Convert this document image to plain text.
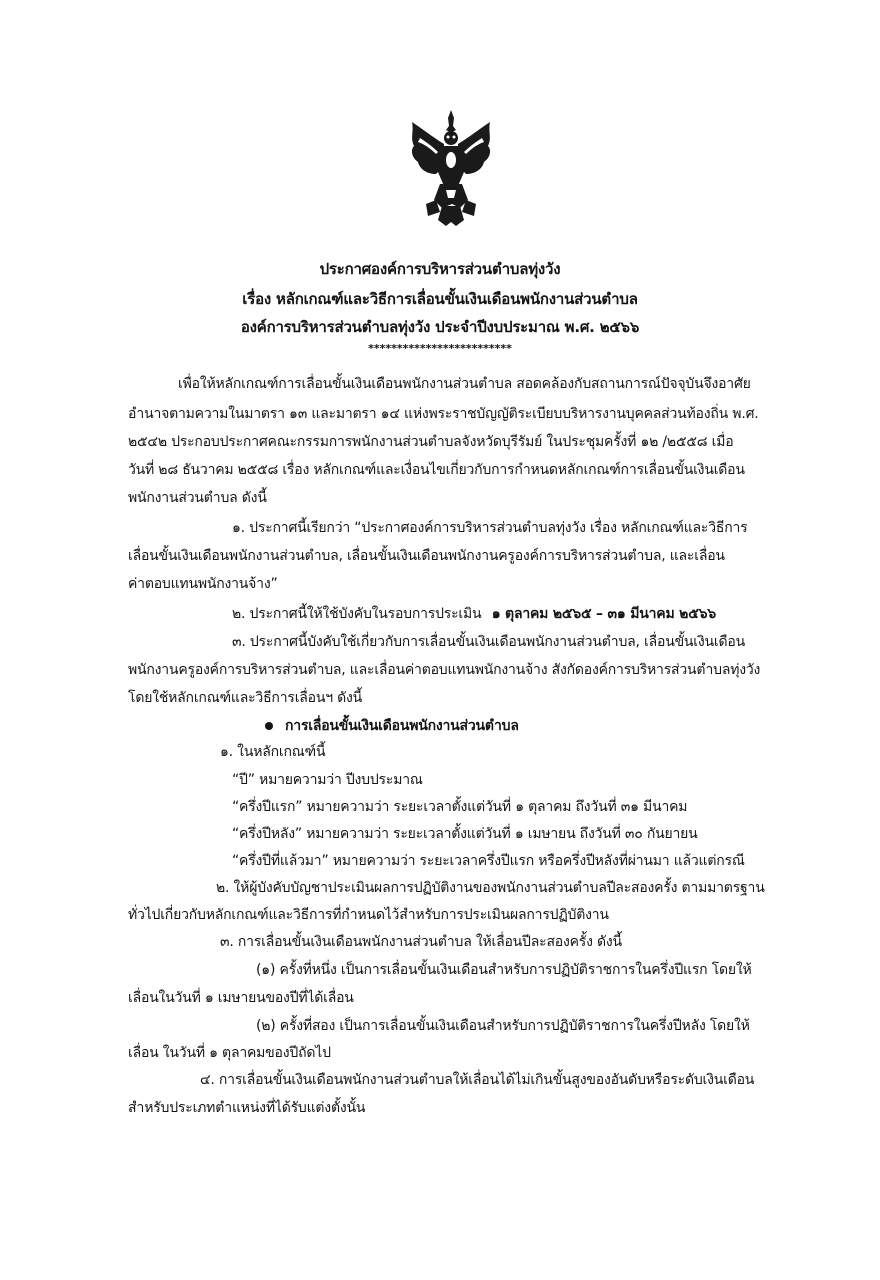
ประกาศองค์การบริหารส่วนตำบลทุ่งวัง
เรื่อง หลักเกณฑ์และวิธีการเลื่อนขั้นเงินเดือนพนักงานส่วนตำบล
องค์การบริหารส่วนตำบลทุ่งวัง ประจำปีงบประมาณ พ.ศ. ๒๕๖๖
*************************
เพื่อให้หลักเกณฑ์การเลื่อนขั้นเงินเดือนพนักงานส่วนตำบล สอดคล้องกับสถานการณ์ปัจจุบันจึงอาศัย
อำนาจตามความในมาตรา ๑๓ และมาตรา ๑๔ แห่งพระราชบัญญัติระเบียบบริหารงานบุคคลส่วนท้องถิ่น พ.ศ.
๒๕๔๒ ประกอบประกาศคณะกรรมการพนักงานส่วนตำบลจังหวัดบุรีรัมย์ ในประชุมครั้งที่ ๑๒ /๒๕๕๘ เมื่อ
วันที่ ๒๘ ธันวาคม ๒๕๕๘ เรื่อง หลักเกณฑ์และเงื่อนไขเกี่ยวกับการกำหนดหลักเกณฑ์การเลื่อนขั้นเงินเดือน
พนักงานส่วนตำบล ดังนี้
๑. ประกาศนี้เรียกว่า “ประกาศองค์การบริหารส่วนตำบลทุ่งวัง เรื่อง หลักเกณฑ์และวิธีการ
เลื่อนขั้นเงินเดือนพนักงานส่วนตำบล, เลื่อนขั้นเงินเดือนพนักงานครูองค์การบริหารส่วนตำบล, และเลื่อน
ค่าตอบแทนพนักงานจ้าง”
๒. ประกาศนี้ให้ใช้บังคับในรอบการประเมิน ๑ ตุลาคม ๒๕๖๕ – ๓๑ มีนาคม ๒๕๖๖
๓. ประกาศนี้บังคับใช้เกี่ยวกับการเลื่อนขั้นเงินเดือนพนักงานส่วนตำบล, เลื่อนขั้นเงินเดือน
พนักงานครูองค์การบริหารส่วนตำบล, และเลื่อนค่าตอบแทนพนักงานจ้าง สังกัดองค์การบริหารส่วนตำบลทุ่งวัง
โดยใช้หลักเกณฑ์และวิธีการเลื่อนฯ ดังนี้
การเลื่อนขั้นเงินเดือนพนักงานส่วนตำบล
๑. ในหลักเกณฑ์นี้
“ปี” หมายความว่า ปีงบประมาณ
“ครึ่งปีแรก” หมายความว่า ระยะเวลาตั้งแต่วันที่ ๑ ตุลาคม ถึงวันที่ ๓๑ มีนาคม
“ครึ่งปีหลัง” หมายความว่า ระยะเวลาตั้งแต่วันที่ ๑ เมษายน ถึงวันที่ ๓๐ กันยายน
“ครึ่งปีที่แล้วมา” หมายความว่า ระยะเวลาครึ่งปีแรก หรือครึ่งปีหลังที่ผ่านมา แล้วแต่กรณี
๒. ให้ผู้บังคับบัญชาประเมินผลการปฏิบัติงานของพนักงานส่วนตำบลปีละสองครั้ง ตามมาตรฐาน
ทั่วไปเกี่ยวกับหลักเกณฑ์และวิธีการที่กำหนดไว้สำหรับการประเมินผลการปฏิบัติงาน
๓. การเลื่อนขั้นเงินเดือนพนักงานส่วนตำบล ให้เลื่อนปีละสองครั้ง ดังนี้
(๑) ครั้งที่หนึ่ง เป็นการเลื่อนขั้นเงินเดือนสำหรับการปฏิบัติราชการในครึ่งปีแรก โดยให้
เลื่อนในวันที่ ๑ เมษายนของปีที่ได้เลื่อน
(๒) ครั้งที่สอง เป็นการเลื่อนขั้นเงินเดือนสำหรับการปฏิบัติราชการในครึ่งปีหลัง โดยให้
เลื่อน ในวันที่ ๑ ตุลาคมของปีถัดไป
๔. การเลื่อนขั้นเงินเดือนพนักงานส่วนตำบลให้เลื่อนได้ไม่เกินขั้นสูงของอันดับหรือระดับเงินเดือน
สำหรับประเภทตำแหน่งที่ได้รับแต่งตั้งนั้น
